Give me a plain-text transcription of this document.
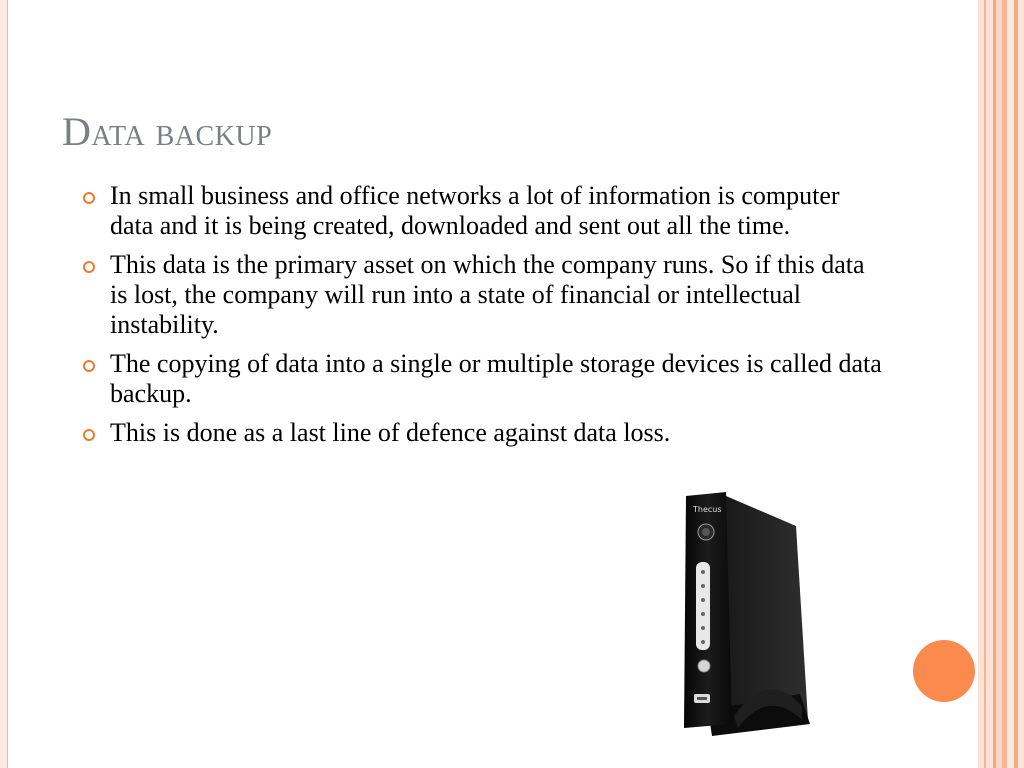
Data backup
In small business and office networks a lot of information is computer data and it is being created, downloaded and sent out all the time.
This data is the primary asset on which the company runs. So if this data is lost, the company will run into a state of financial or intellectual instability.
The copying of data into a single or multiple storage devices is called data backup.
This is done as a last line of defence against data loss.
Thecus
